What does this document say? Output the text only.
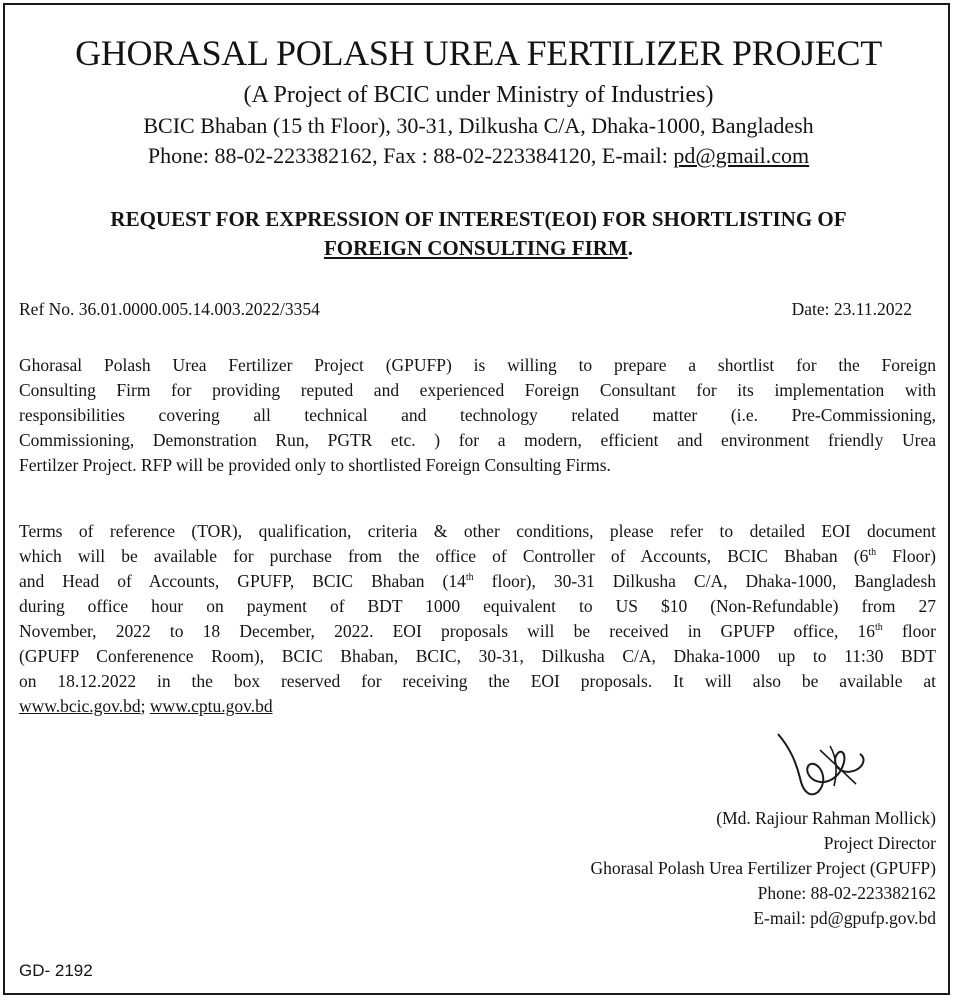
GHORASAL POLASH UREA FERTILIZER PROJECT
(A Project of BCIC under Ministry of Industries)
BCIC Bhaban (15 th Floor), 30-31, Dilkusha C/A, Dhaka-1000, Bangladesh
Phone: 88-02-223382162, Fax : 88-02-223384120, E-mail: pd@gmail.com
REQUEST FOR EXPRESSION OF INTEREST(EOI) FOR SHORTLISTING OF
FOREIGN CONSULTING FIRM.
Ref No. 36.01.0000.005.14.003.2022/3354	Date: 23.11.2022
Ghorasal Polash Urea Fertilizer Project (GPUFP) is willing to prepare a shortlist for the Foreign
Consulting Firm for providing reputed and experienced Foreign Consultant for its implementation with
responsibilities covering all technical and technology related matter (i.e. Pre-Commissioning,
Commissioning, Demonstration Run, PGTR etc. ) for a modern, efficient and environment friendly Urea
Fertilzer Project. RFP will be provided only to shortlisted Foreign Consulting Firms.
Terms of reference (TOR), qualification, criteria & other conditions, please refer to detailed EOI document
which will be available for purchase from the office of Controller of Accounts, BCIC Bhaban (6th Floor)
and Head of Accounts, GPUFP, BCIC Bhaban (14th floor), 30-31 Dilkusha C/A, Dhaka-1000, Bangladesh
during office hour on payment of BDT 1000 equivalent to US $10 (Non-Refundable) from 27
November, 2022 to 18 December, 2022. EOI proposals will be received in GPUFP office, 16th floor
(GPUFP Conferenence Room), BCIC Bhaban, BCIC, 30-31, Dilkusha C/A, Dhaka-1000 up to 11:30 BDT
on 18.12.2022 in the box reserved for receiving the EOI proposals. It will also be available at
www.bcic.gov.bd; www.cptu.gov.bd
(Md. Rajiour Rahman Mollick)
Project Director
Ghorasal Polash Urea Fertilizer Project (GPUFP)
Phone: 88-02-223382162
E-mail: pd@gpufp.gov.bd
GD- 2192
